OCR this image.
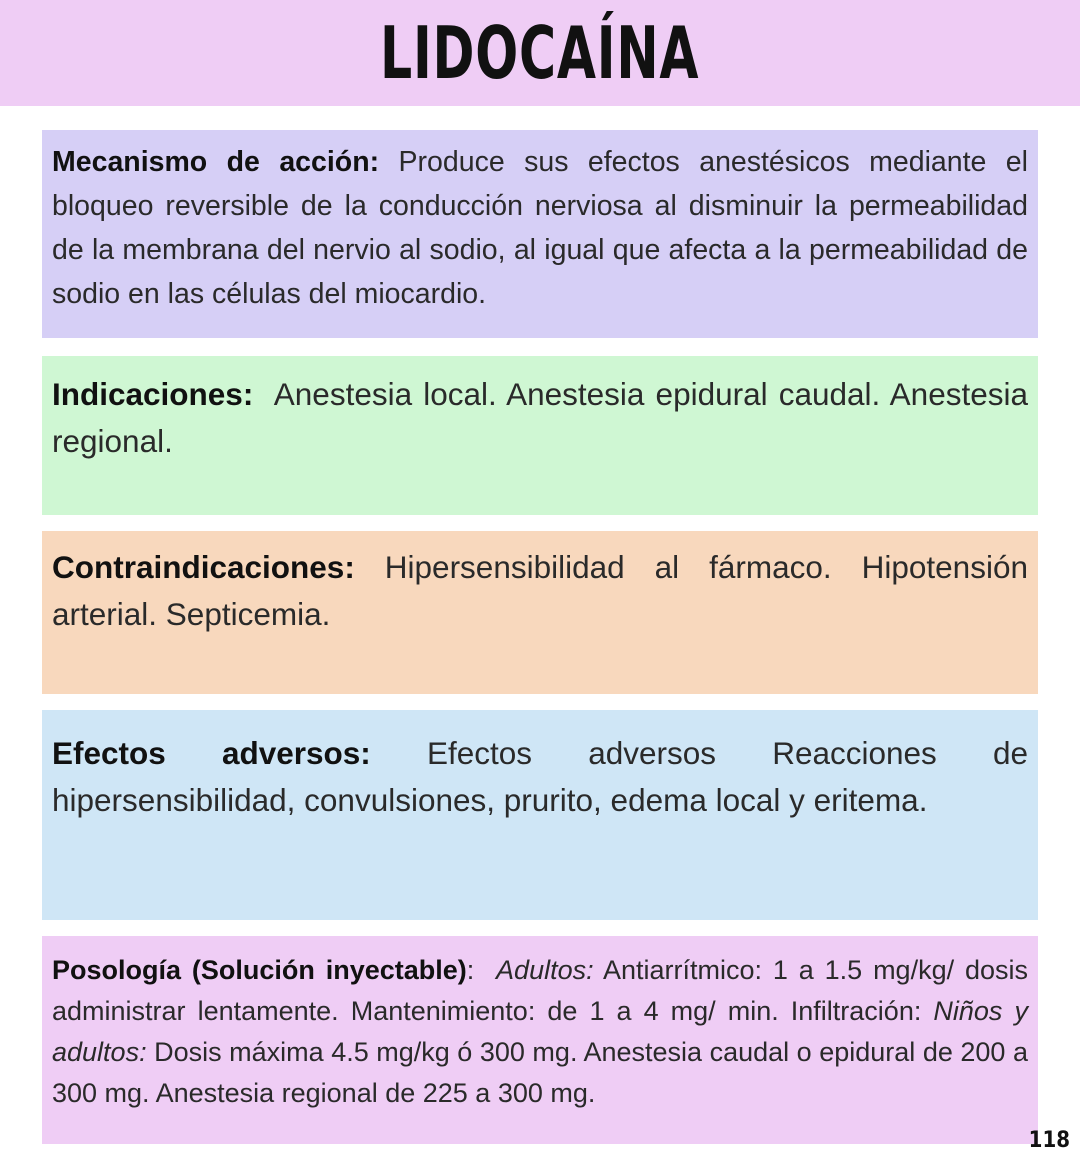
LIDOCAÍNA

Mecanismo de acción: Produce sus efectos anestésicos mediante el bloqueo reversible de la conducción nerviosa al disminuir la permeabilidad de la membrana del nervio al sodio, al igual que afecta a la permeabilidad de sodio en las células del miocardio.

Indicaciones: Anestesia local. Anestesia epidural caudal. Anestesia regional.

Contraindicaciones: Hipersensibilidad al fármaco. Hipotensión arterial. Septicemia.

Efectos adversos: Efectos adversos Reacciones de hipersensibilidad, convulsiones, prurito, edema local y eritema.

Posología (Solución inyectable): Adultos: Antiarrítmico: 1 a 1.5 mg/kg/ dosis administrar lentamente. Mantenimiento: de 1 a 4 mg/ min. Infiltración: Niños y adultos: Dosis máxima 4.5 mg/kg ó 300 mg. Anestesia caudal o epidural de 200 a 300 mg. Anestesia regional de 225 a 300 mg.

118
